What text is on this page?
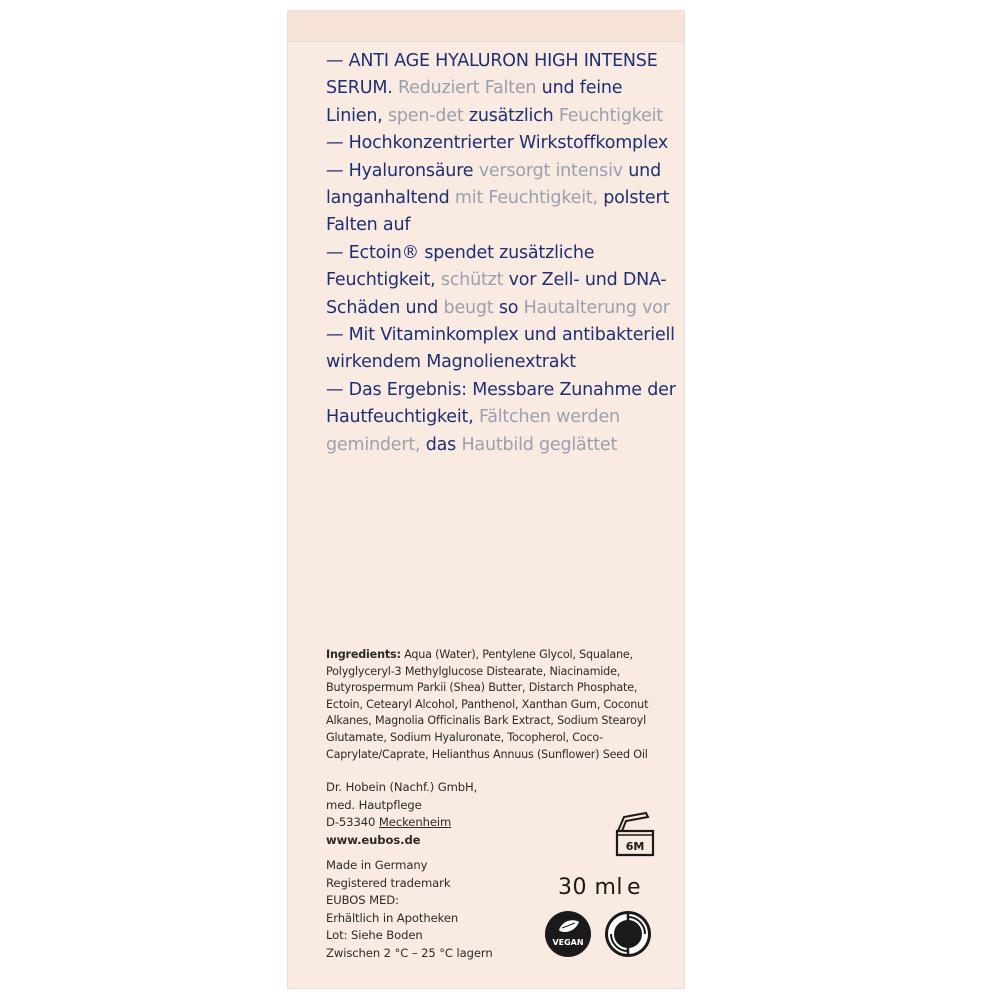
— ANTI AGE HYALURON HIGH INTENSE SERUM. Reduziert Falten und feine Linien, spen-det zusätzlich Feuchtigkeit

— Hochkonzentrierter Wirkstoffkomplex

— Hyaluronsäure versorgt intensiv und langanhaltend mit Feuchtigkeit, polstert Falten auf

— Ectoin® spendet zusätzliche Feuchtigkeit, schützt vor Zell- und DNA-Schäden und beugt so Hautalterung vor

— Mit Vitaminkomplex und antibakteriell wirkendem Magnolienextrakt

— Das Ergebnis: Messbare Zunahme der Hautfeuchtigkeit, Fältchen werden gemindert, das Hautbild geglättet

Ingredients: Aqua (Water), Pentylene Glycol, Squalane, Polyglyceryl-3 Methylglucose Distearate, Niacinamide, Butyrospermum Parkii (Shea) Butter, Distarch Phosphate, Ectoin, Cetearyl Alcohol, Panthenol, Xanthan Gum, Coconut Alkanes, Magnolia Officinalis Bark Extract, Sodium Stearoyl Glutamate, Sodium Hyaluronate, Tocopherol, Coco-Caprylate/Caprate, Helianthus Annuus (Sunflower) Seed Oil
Dr. Hobein (Nachf.) GmbH,
med. Hautpflege
D-53340 Meckenheim
www.eubos.de
Made in Germany
Registered trademark
EUBOS MED:
Erhältlich in Apotheken
Lot: Siehe Boden
Zwischen 2 °C – 25 °C lagern
6M
30 ml e
VEGAN
